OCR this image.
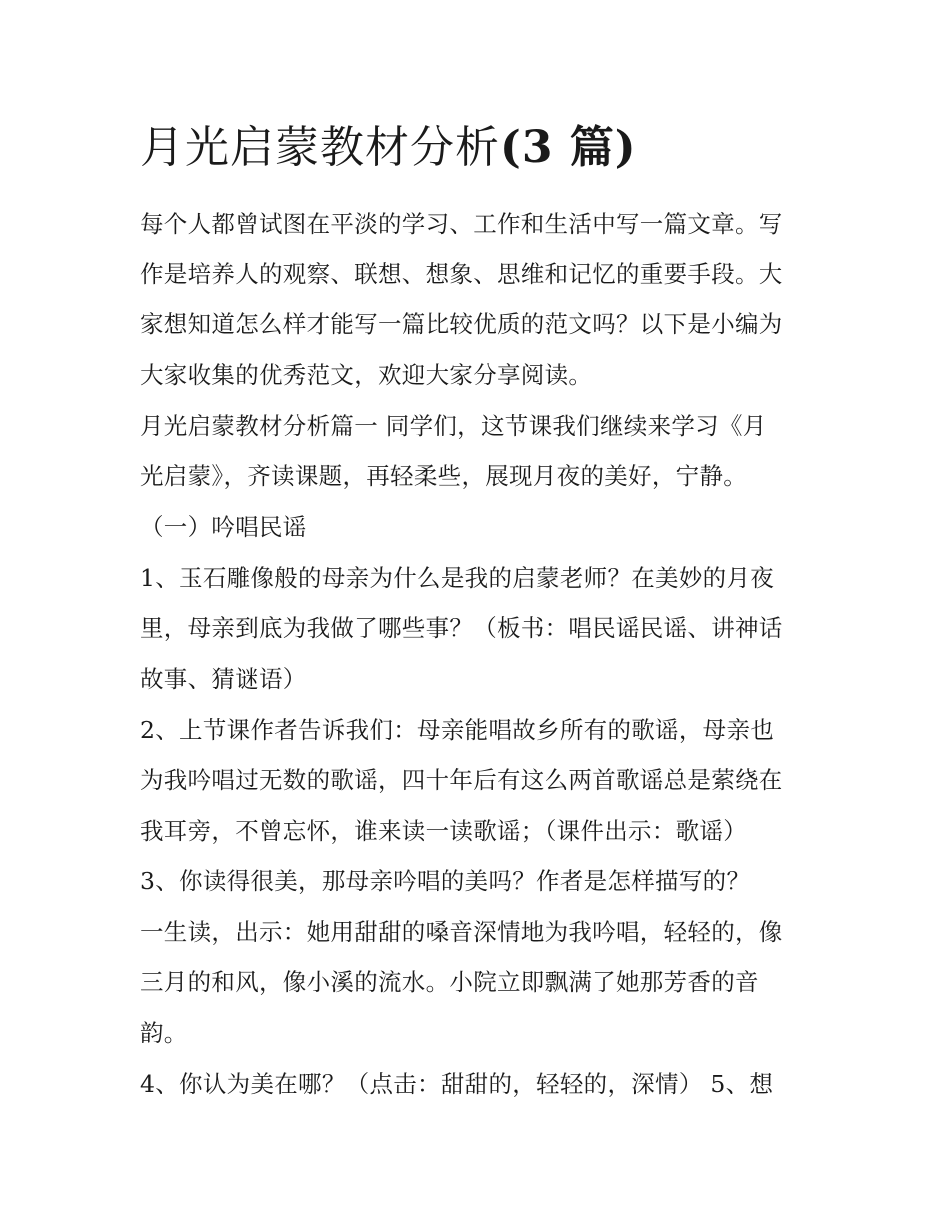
月光启蒙教材分析(3 篇)
每个人都曾试图在平淡的学习、工作和生活中写一篇文章。写
作是培养人的观察、联想、想象、思维和记忆的重要手段。大
家想知道怎么样才能写一篇比较优质的范文吗？以下是小编为
大家收集的优秀范文，欢迎大家分享阅读。
月光启蒙教材分析篇一 同学们，这节课我们继续来学习《月
光启蒙》，齐读课题，再轻柔些，展现月夜的美好，宁静。
（一）吟唱民谣
1、玉石雕像般的母亲为什么是我的启蒙老师？在美妙的月夜
里，母亲到底为我做了哪些事？（板书：唱民谣民谣、讲神话
故事、猜谜语）
2、上节课作者告诉我们：母亲能唱故乡所有的歌谣，母亲也
为我吟唱过无数的歌谣，四十年后有这么两首歌谣总是萦绕在
我耳旁，不曾忘怀，谁来读一读歌谣；（课件出示：歌谣）
3、你读得很美，那母亲吟唱的美吗？作者是怎样描写的？
一生读，出示：她用甜甜的嗓音深情地为我吟唱，轻轻的，像
三月的和风，像小溪的流水。小院立即飘满了她那芳香的音
韵。
4、你认为美在哪？（点击：甜甜的，轻轻的，深情） 5、想
